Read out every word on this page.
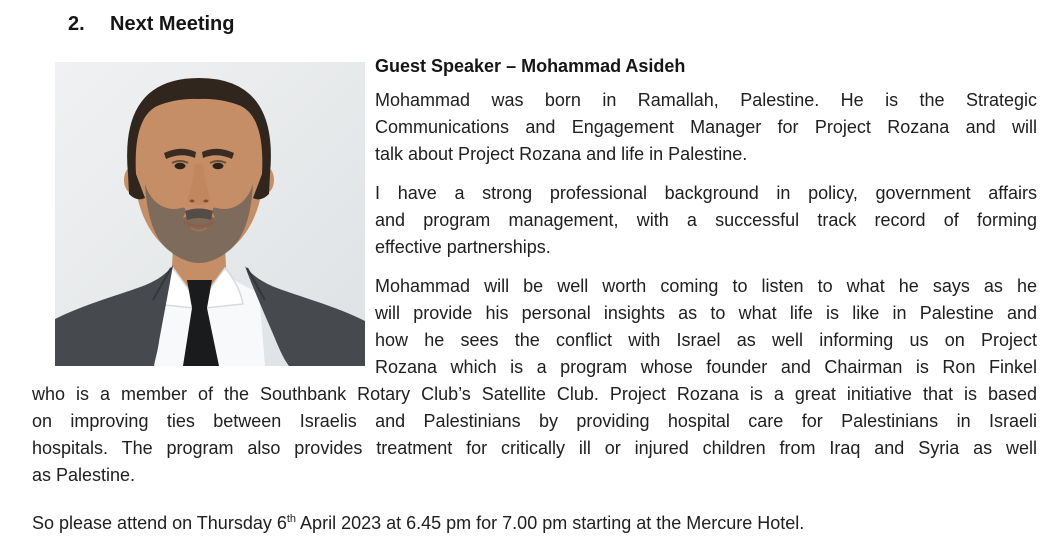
2. Next Meeting
Guest Speaker – Mohammad Asideh

Mohammad was born in Ramallah, Palestine. He is the Strategic
Communications and Engagement Manager for Project Rozana and will
talk about Project Rozana and life in Palestine.

I have a strong professional background in policy, government affairs
and program management, with a successful track record of forming
effective partnerships.

Mohammad will be well worth coming to listen to what he says as he
will provide his personal insights as to what life is like in Palestine and
how he sees the conflict with Israel as well informing us on Project
Rozana which is a program whose founder and Chairman is Ron Finkel
who is a member of the Southbank Rotary Club’s Satellite Club. Project Rozana is a great initiative that is based
on improving ties between Israelis and Palestinians by providing hospital care for Palestinians in Israeli
hospitals. The program also provides treatment for critically ill or injured children from Iraq and Syria as well
as Palestine.

So please attend on Thursday 6th April 2023 at 6.45 pm for 7.00 pm starting at the Mercure Hotel.
